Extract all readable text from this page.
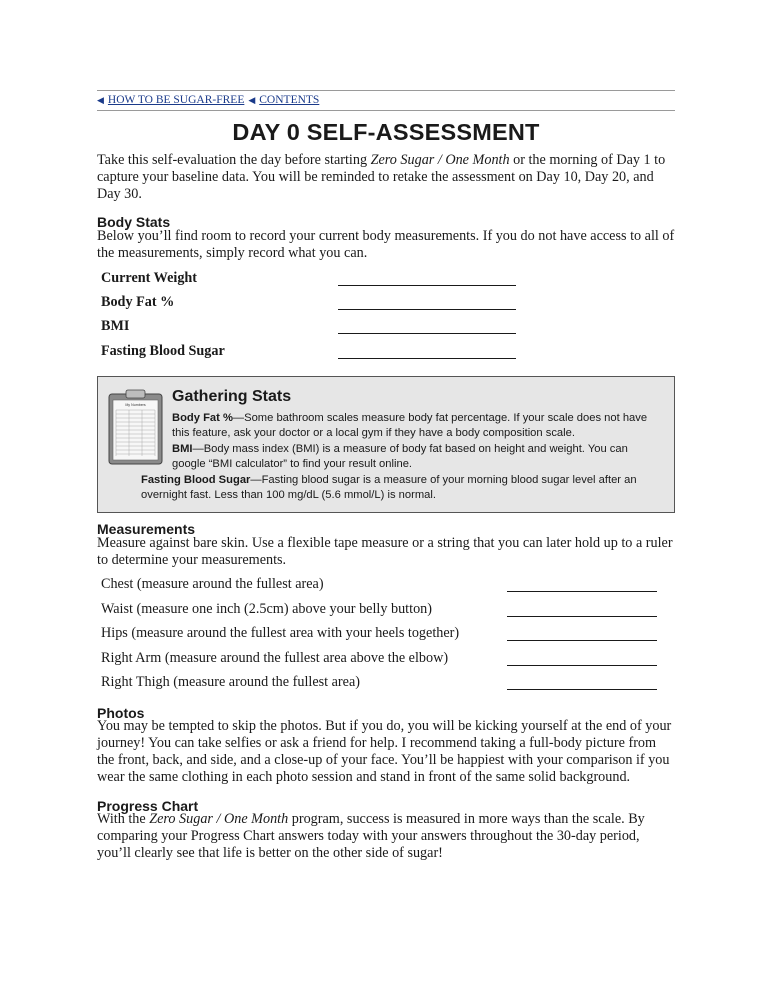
◀ HOW TO BE SUGAR-FREE ◀ CONTENTS
DAY 0 SELF-ASSESSMENT
Take this self-evaluation the day before starting Zero Sugar / One Month or the morning of Day 1 to capture your baseline data. You will be reminded to retake the assessment on Day 10, Day 20, and Day 30.
Body Stats
Below you’ll find room to record your current body measurements. If you do not have access to all of the measurements, simply record what you can.
Current Weight
Body Fat %
BMI
Fasting Blood Sugar
My Numbers Gathering Stats
Body Fat %—Some bathroom scales measure body fat percentage. If your scale does not have this feature, ask your doctor or a local gym if they have a body composition scale.
BMI—Body mass index (BMI) is a measure of body fat based on height and weight. You can google “BMI calculator” to find your result online.
Fasting Blood Sugar—Fasting blood sugar is a measure of your morning blood sugar level after an overnight fast. Less than 100 mg/dL (5.6 mmol/L) is normal.
Measurements
Measure against bare skin. Use a flexible tape measure or a string that you can later hold up to a ruler to determine your measurements.
Chest (measure around the fullest area)
Waist (measure one inch (2.5cm) above your belly button)
Hips (measure around the fullest area with your heels together)
Right Arm (measure around the fullest area above the elbow)
Right Thigh (measure around the fullest area)
Photos
You may be tempted to skip the photos. But if you do, you will be kicking yourself at the end of your journey! You can take selfies or ask a friend for help. I recommend taking a full-body picture from the front, back, and side, and a close-up of your face. You’ll be happiest with your comparison if you wear the same clothing in each photo session and stand in front of the same solid background.
Progress Chart
With the Zero Sugar / One Month program, success is measured in more ways than the scale. By comparing your Progress Chart answers today with your answers throughout the 30-day period, you’ll clearly see that life is better on the other side of sugar!
